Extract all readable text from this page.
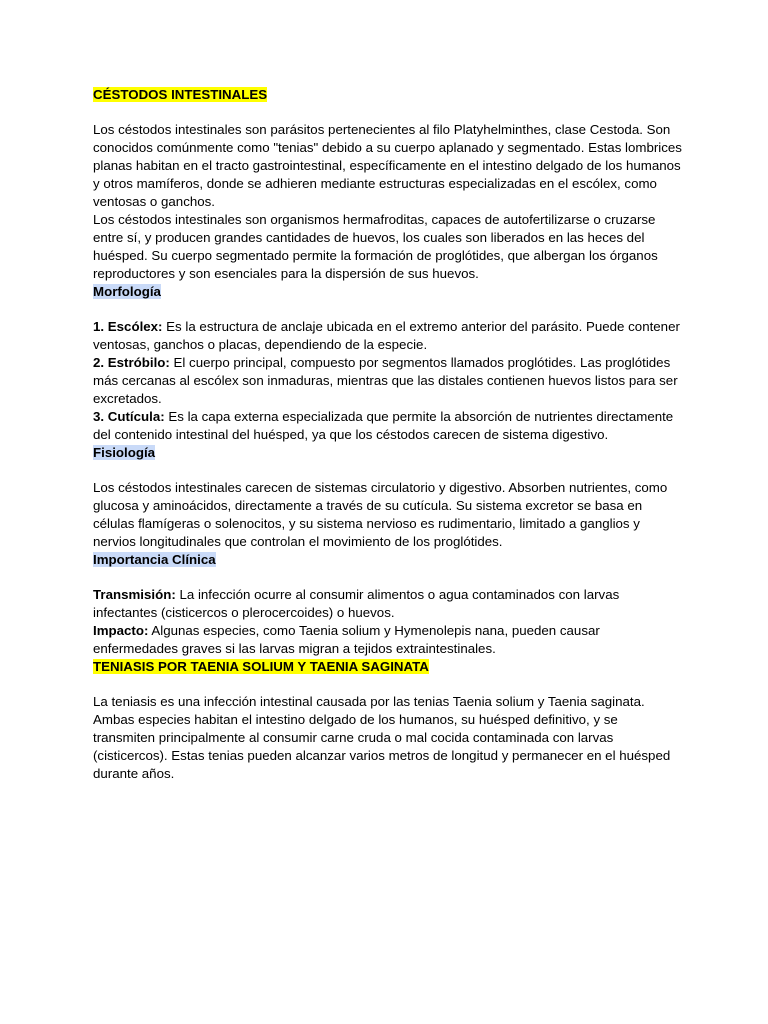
CÉSTODOS INTESTINALES

Los céstodos intestinales son parásitos pertenecientes al filo Platyhelminthes, clase Cestoda. Son conocidos comúnmente como "tenias" debido a su cuerpo aplanado y segmentado. Estas lombrices planas habitan en el tracto gastrointestinal, específicamente en el intestino delgado de los humanos y otros mamíferos, donde se adhieren mediante estructuras especializadas en el escólex, como ventosas o ganchos.

Los céstodos intestinales son organismos hermafroditas, capaces de autofertilizarse o cruzarse entre sí, y producen grandes cantidades de huevos, los cuales son liberados en las heces del huésped. Su cuerpo segmentado permite la formación de proglótides, que albergan los órganos reproductores y son esenciales para la dispersión de sus huevos.

Morfología

1. Escólex: Es la estructura de anclaje ubicada en el extremo anterior del parásito. Puede contener ventosas, ganchos o placas, dependiendo de la especie.

2. Estróbilo: El cuerpo principal, compuesto por segmentos llamados proglótides. Las proglótides más cercanas al escólex son inmaduras, mientras que las distales contienen huevos listos para ser excretados.

3. Cutícula: Es la capa externa especializada que permite la absorción de nutrientes directamente del contenido intestinal del huésped, ya que los céstodos carecen de sistema digestivo.

Fisiología

Los céstodos intestinales carecen de sistemas circulatorio y digestivo. Absorben nutrientes, como glucosa y aminoácidos, directamente a través de su cutícula. Su sistema excretor se basa en células flamígeras o solenocitos, y su sistema nervioso es rudimentario, limitado a ganglios y nervios longitudinales que controlan el movimiento de los proglótides.

Importancia Clínica

Transmisión: La infección ocurre al consumir alimentos o agua contaminados con larvas infectantes (cisticercos o plerocercoides) o huevos.

Impacto: Algunas especies, como Taenia solium y Hymenolepis nana, pueden causar enfermedades graves si las larvas migran a tejidos extraintestinales.

TENIASIS POR TAENIA SOLIUM Y TAENIA SAGINATA

La teniasis es una infección intestinal causada por las tenias Taenia solium y Taenia saginata. Ambas especies habitan el intestino delgado de los humanos, su huésped definitivo, y se transmiten principalmente al consumir carne cruda o mal cocida contaminada con larvas (cisticercos). Estas tenias pueden alcanzar varios metros de longitud y permanecer en el huésped durante años.
